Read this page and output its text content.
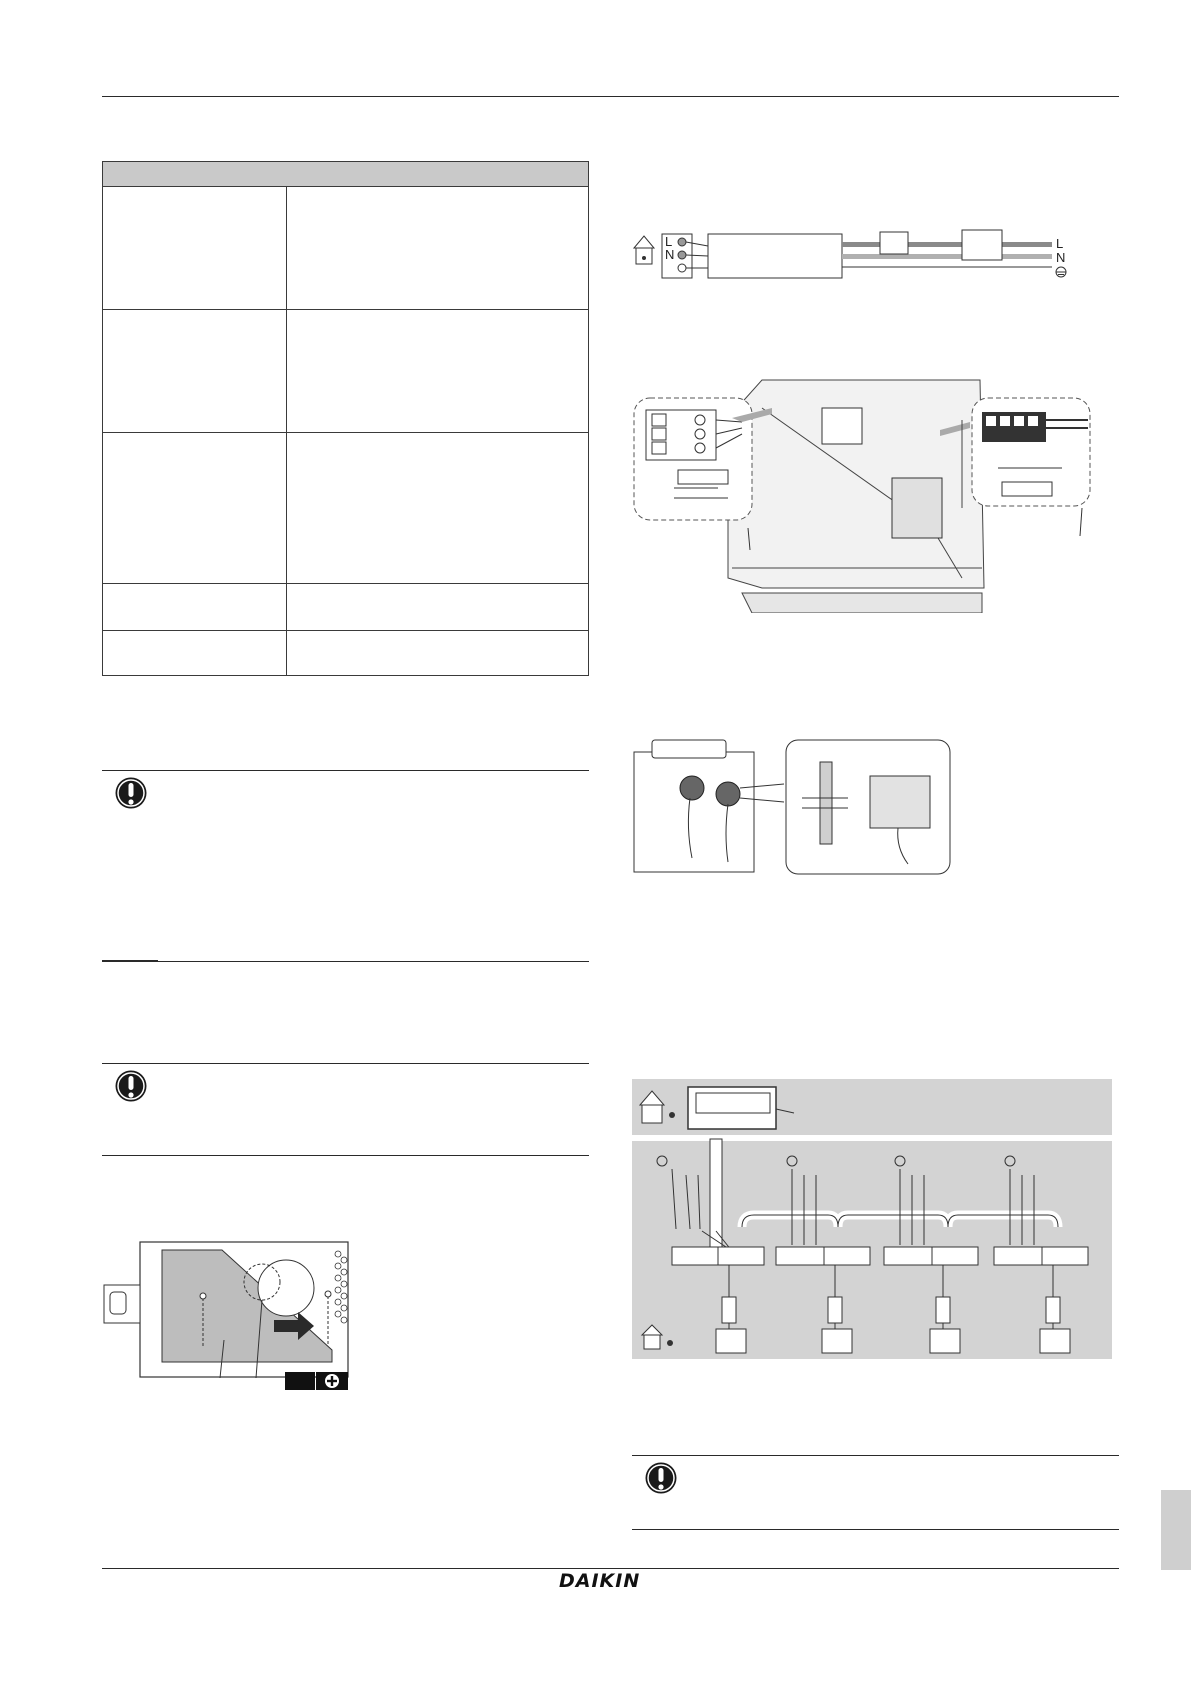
L
N
L
N
DAIKIN
